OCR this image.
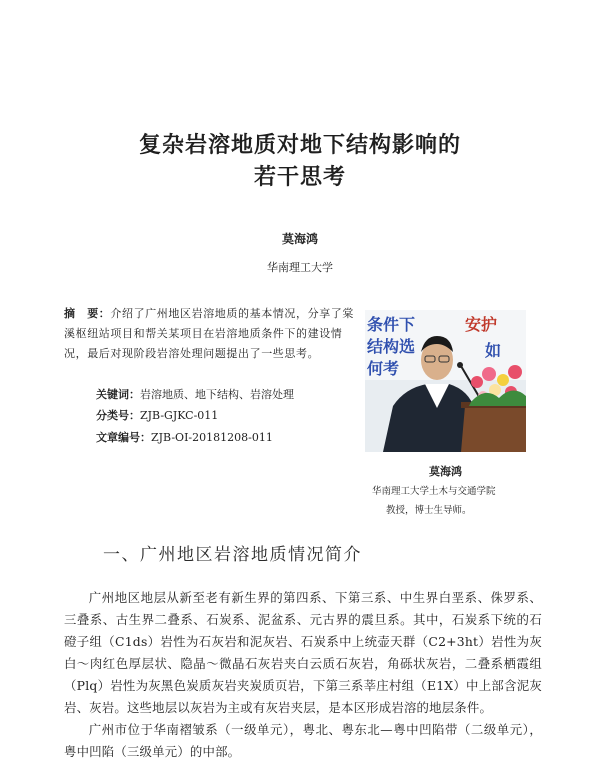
复杂岩溶地质对地下结构影响的
若干思考
莫海鸿
华南理工大学
摘　要：介绍了广州地区岩溶地质的基本情况，分享了棠溪枢纽站项目和帮关某项目在岩溶地质条件下的建设情况，最后对现阶段岩溶处理问题提出了一些思考。
关键词：岩溶地质、地下结构、岩溶处理
分类号：ZJB-GJKC-011
文章编号：ZJB-OI-20181208-011
条件下
结构选
何考
安护
如
莫海鸿
华南理工大学土木与交通学院
教授，博士生导师。
一、广州地区岩溶地质情况简介

广州地区地层从新至老有新生界的第四系、下第三系、中生界白垩系、侏罗系、三叠系、古生界二叠系、石炭系、泥盆系、元古界的震旦系。其中，石炭系下统的石磴子组（C1ds）岩性为石灰岩和泥灰岩、石炭系中上统壶天群（C2+3ht）岩性为灰白～肉红色厚层状、隐晶～微晶石灰岩夹白云质石灰岩，角砾状灰岩，二叠系栖霞组（Plq）岩性为灰黑色炭质灰岩夹炭质页岩，下第三系莘庄村组（E1X）中上部含泥灰岩、灰岩。这些地层以灰岩为主或有灰岩夹层，是本区形成岩溶的地层条件。

广州市位于华南褶皱系（一级单元），粤北、粤东北—粤中凹陷带（二级单元），粤中凹陷（三级单元）的中部。
